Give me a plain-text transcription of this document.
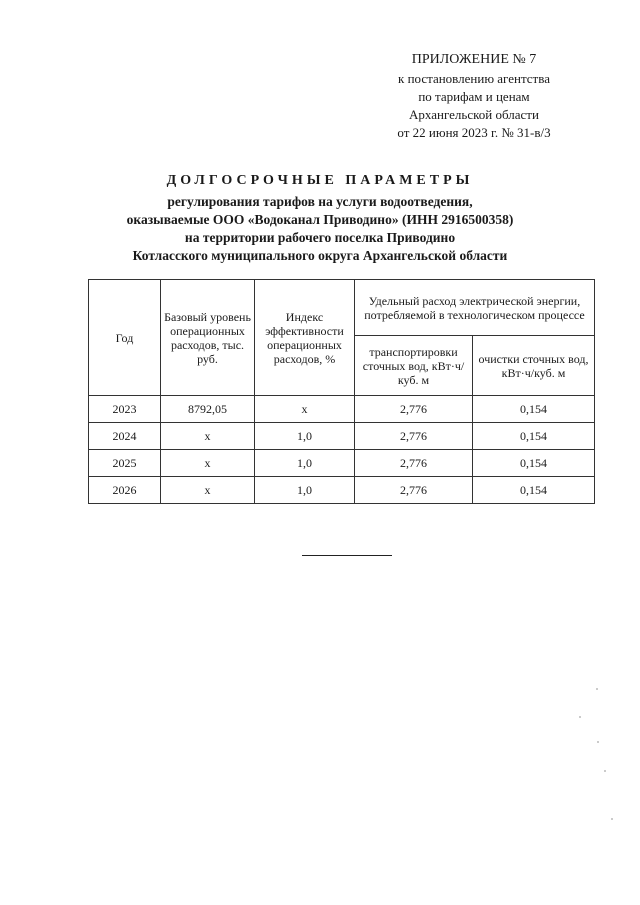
ПРИЛОЖЕНИЕ № 7
к постановлению агентства
по тарифам и ценам
Архангельской области
от 22 июня 2023 г. № 31-в/3
ДОЛГОСРОЧНЫЕ ПАРАМЕТРЫ
регулирования тарифов на услуги водоотведения,
оказываемые ООО «Водоканал Приводино» (ИНН 2916500358)
на территории рабочего поселка Приводино
Котласского муниципального округа Архангельской области
Год	Базовый уровень операционных расходов, тыс. руб.	Индекс эффективности операционных расходов, %	Удельный расход электрической энергии, потребляемой в технологическом процессе	
			транспортировки сточных вод, кВт·ч/куб. м	очистки сточных вод, кВт·ч/куб. м
2023	8792,05	х	2,776	0,154
2024	х	1,0	2,776	0,154
2025	х	1,0	2,776	0,154
2026	х	1,0	2,776	0,154
